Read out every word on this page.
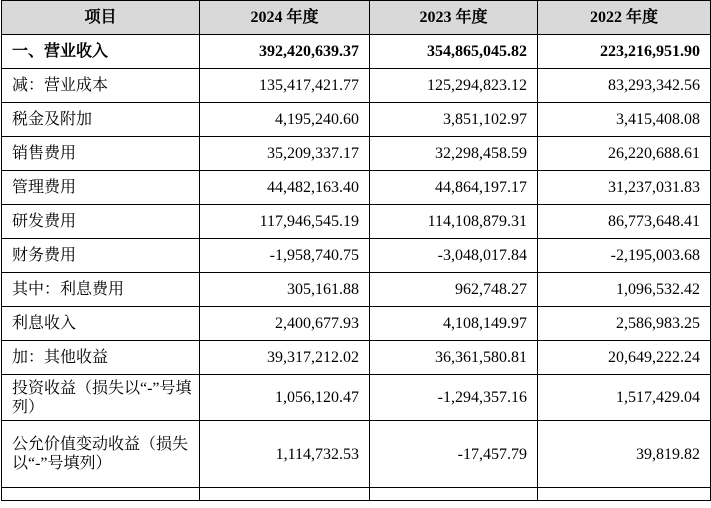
项目	2024 年度	2023 年度	2022 年度
一、营业收入	392,420,639.37	354,865,045.82	223,216,951.90
减：营业成本	135,417,421.77	125,294,823.12	83,293,342.56
税金及附加	4,195,240.60	3,851,102.97	3,415,408.08
销售费用	35,209,337.17	32,298,458.59	26,220,688.61
管理费用	44,482,163.40	44,864,197.17	31,237,031.83
研发费用	117,946,545.19	114,108,879.31	86,773,648.41
财务费用	-1,958,740.75	-3,048,017.84	-2,195,003.68
其中：利息费用	305,161.88	962,748.27	1,096,532.42
利息收入	2,400,677.93	4,108,149.97	2,586,983.25
加：其他收益	39,317,212.02	36,361,580.81	20,649,222.24
投资收益（损失以“-”号填列）	1,056,120.47	-1,294,357.16	1,517,429.04
公允价值变动收益（损失以“-”号填列）	1,114,732.53	-17,457.79	39,819.82
